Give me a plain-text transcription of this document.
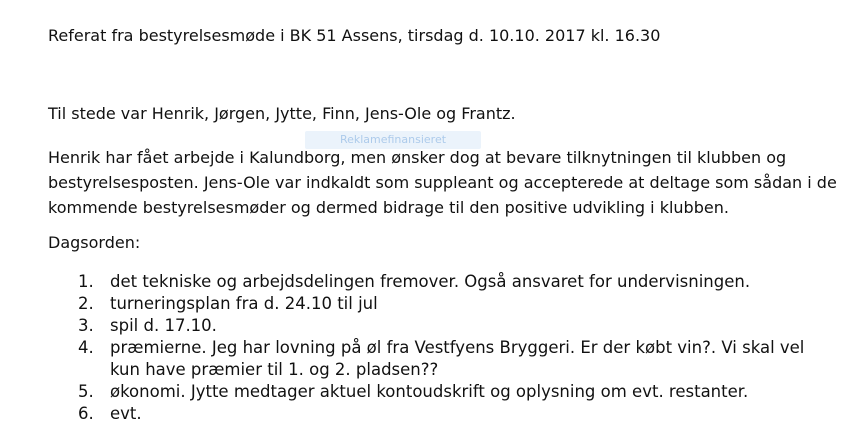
Referat fra bestyrelsesmøde i BK 51 Assens, tirsdag d. 10.10. 2017 kl. 16.30
Til stede var Henrik, Jørgen, Jytte, Finn, Jens-Ole og Frantz.
Reklamefinansieret
Henrik har fået arbejde i Kalundborg, men ønsker dog at bevare tilknytningen til klubben og
bestyrelsesposten. Jens-Ole var indkaldt som suppleant og accepterede at deltage som sådan i de
kommende bestyrelsesmøder og dermed bidrage til den positive udvikling i klubben.
Dagsorden:
1. det tekniske og arbejdsdelingen fremover. Også ansvaret for undervisningen.
2. turneringsplan fra d. 24.10 til jul
3. spil d. 17.10.
4. præmierne. Jeg har lovning på øl fra Vestfyens Bryggeri. Er der købt vin?. Vi skal vel kun have præmier til 1. og 2. pladsen??
5. økonomi. Jytte medtager aktuel kontoudskrift og oplysning om evt. restanter.
6. evt.
